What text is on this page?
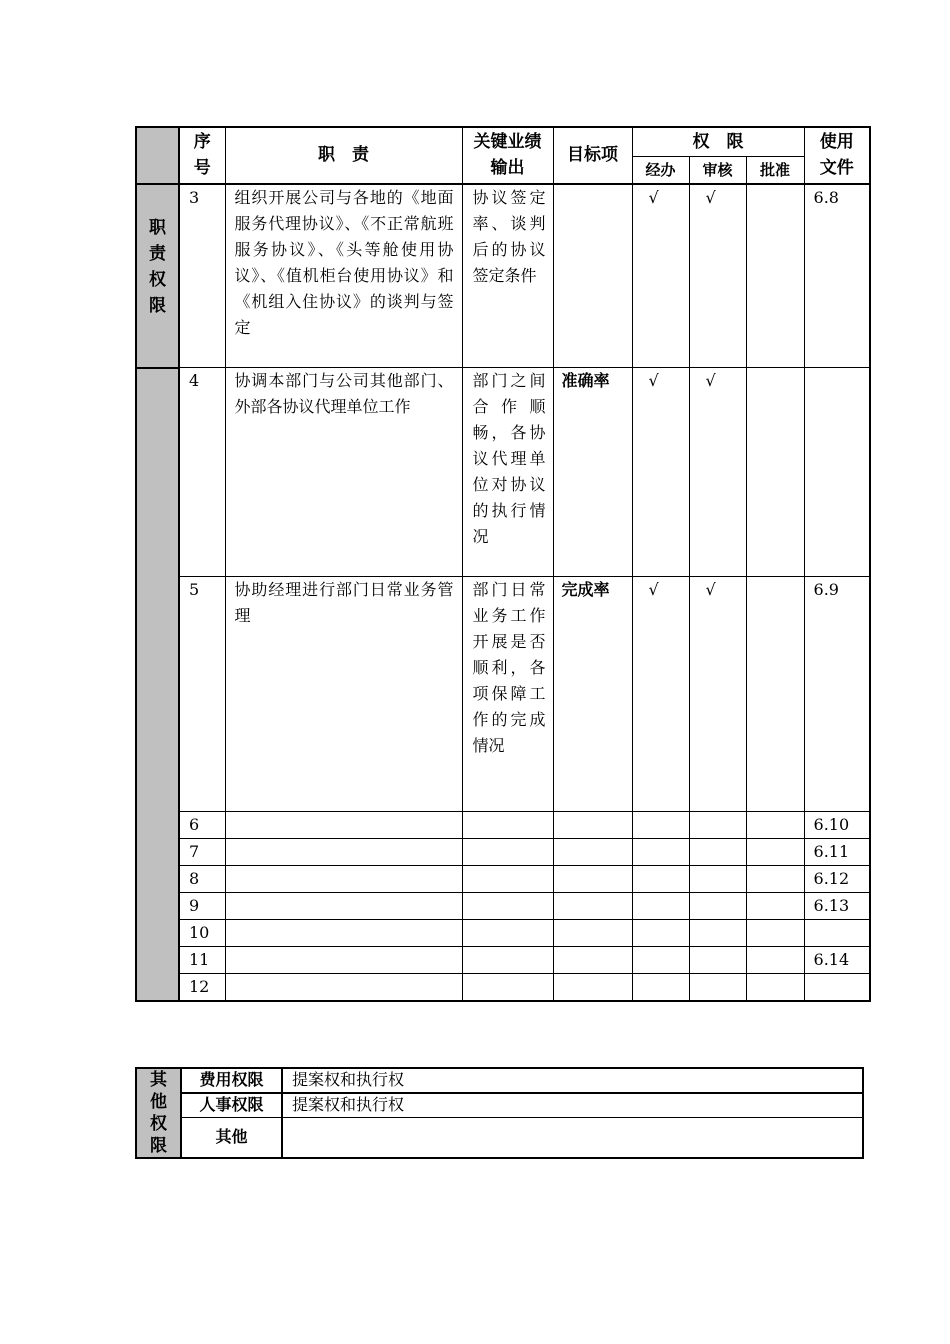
	序号	职　责	关键业绩输出	目标项	权　限			使用文件
					经办	审核	批准	

职责权限	3	组织开展公司与各地的《地面服务代理协议》、《不正常航班服务协议》、《头等舱使用协议》、《值机柜台使用协议》和《机组入住协议》的谈判与签定	协议签定率、谈判后的协议签定条件		√	√		6.8
	4	协调本部门与公司其他部门、外部各协议代理单位工作	部门之间合作顺畅，各协议代理单位对协议的执行情况	准确率	√	√		
	5	协助经理进行部门日常业务管理	部门日常业务工作开展是否顺利，各项保障工作的完成情况	完成率	√	√		6.9
	6							6.10
	7							6.11
	8							6.12
	9							6.13
	10							
	11							6.14
	12							
其他权限	费用权限	提案权和执行权
	人事权限	提案权和执行权
	其他	
